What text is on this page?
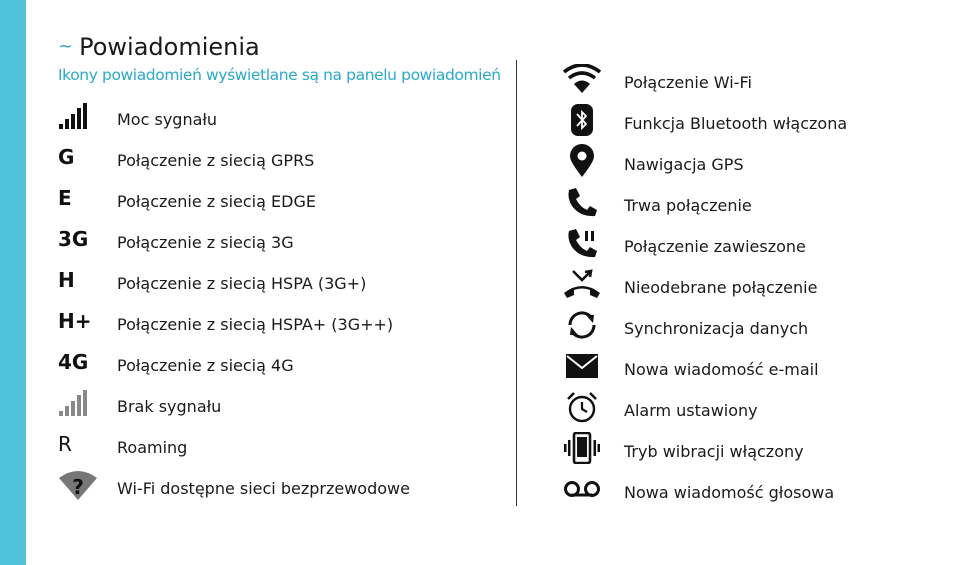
~ Powiadomienia
Ikony powiadomień wyświetlane są na panelu powiadomień
Moc sygnału
G	Połączenie z siecią GPRS
E	Połączenie z siecią EDGE
3G Połączenie z siecią 3G
H	Połączenie z siecią HSPA (3G+)
H+ Połączenie z siecią HSPA+ (3G++)
4G Połączenie z siecią 4G
Brak sygnału
R	Roaming
? Wi-Fi dostępne sieci bezprzewodowe
Połączenie Wi-Fi
Funkcja Bluetooth włączona
Nawigacja GPS
Trwa połączenie
Połączenie zawieszone
Nieodebrane połączenie
Synchronizacja danych
Nowa wiadomość e-mail
Alarm ustawiony
Tryb wibracji włączony
Nowa wiadomość głosowa
